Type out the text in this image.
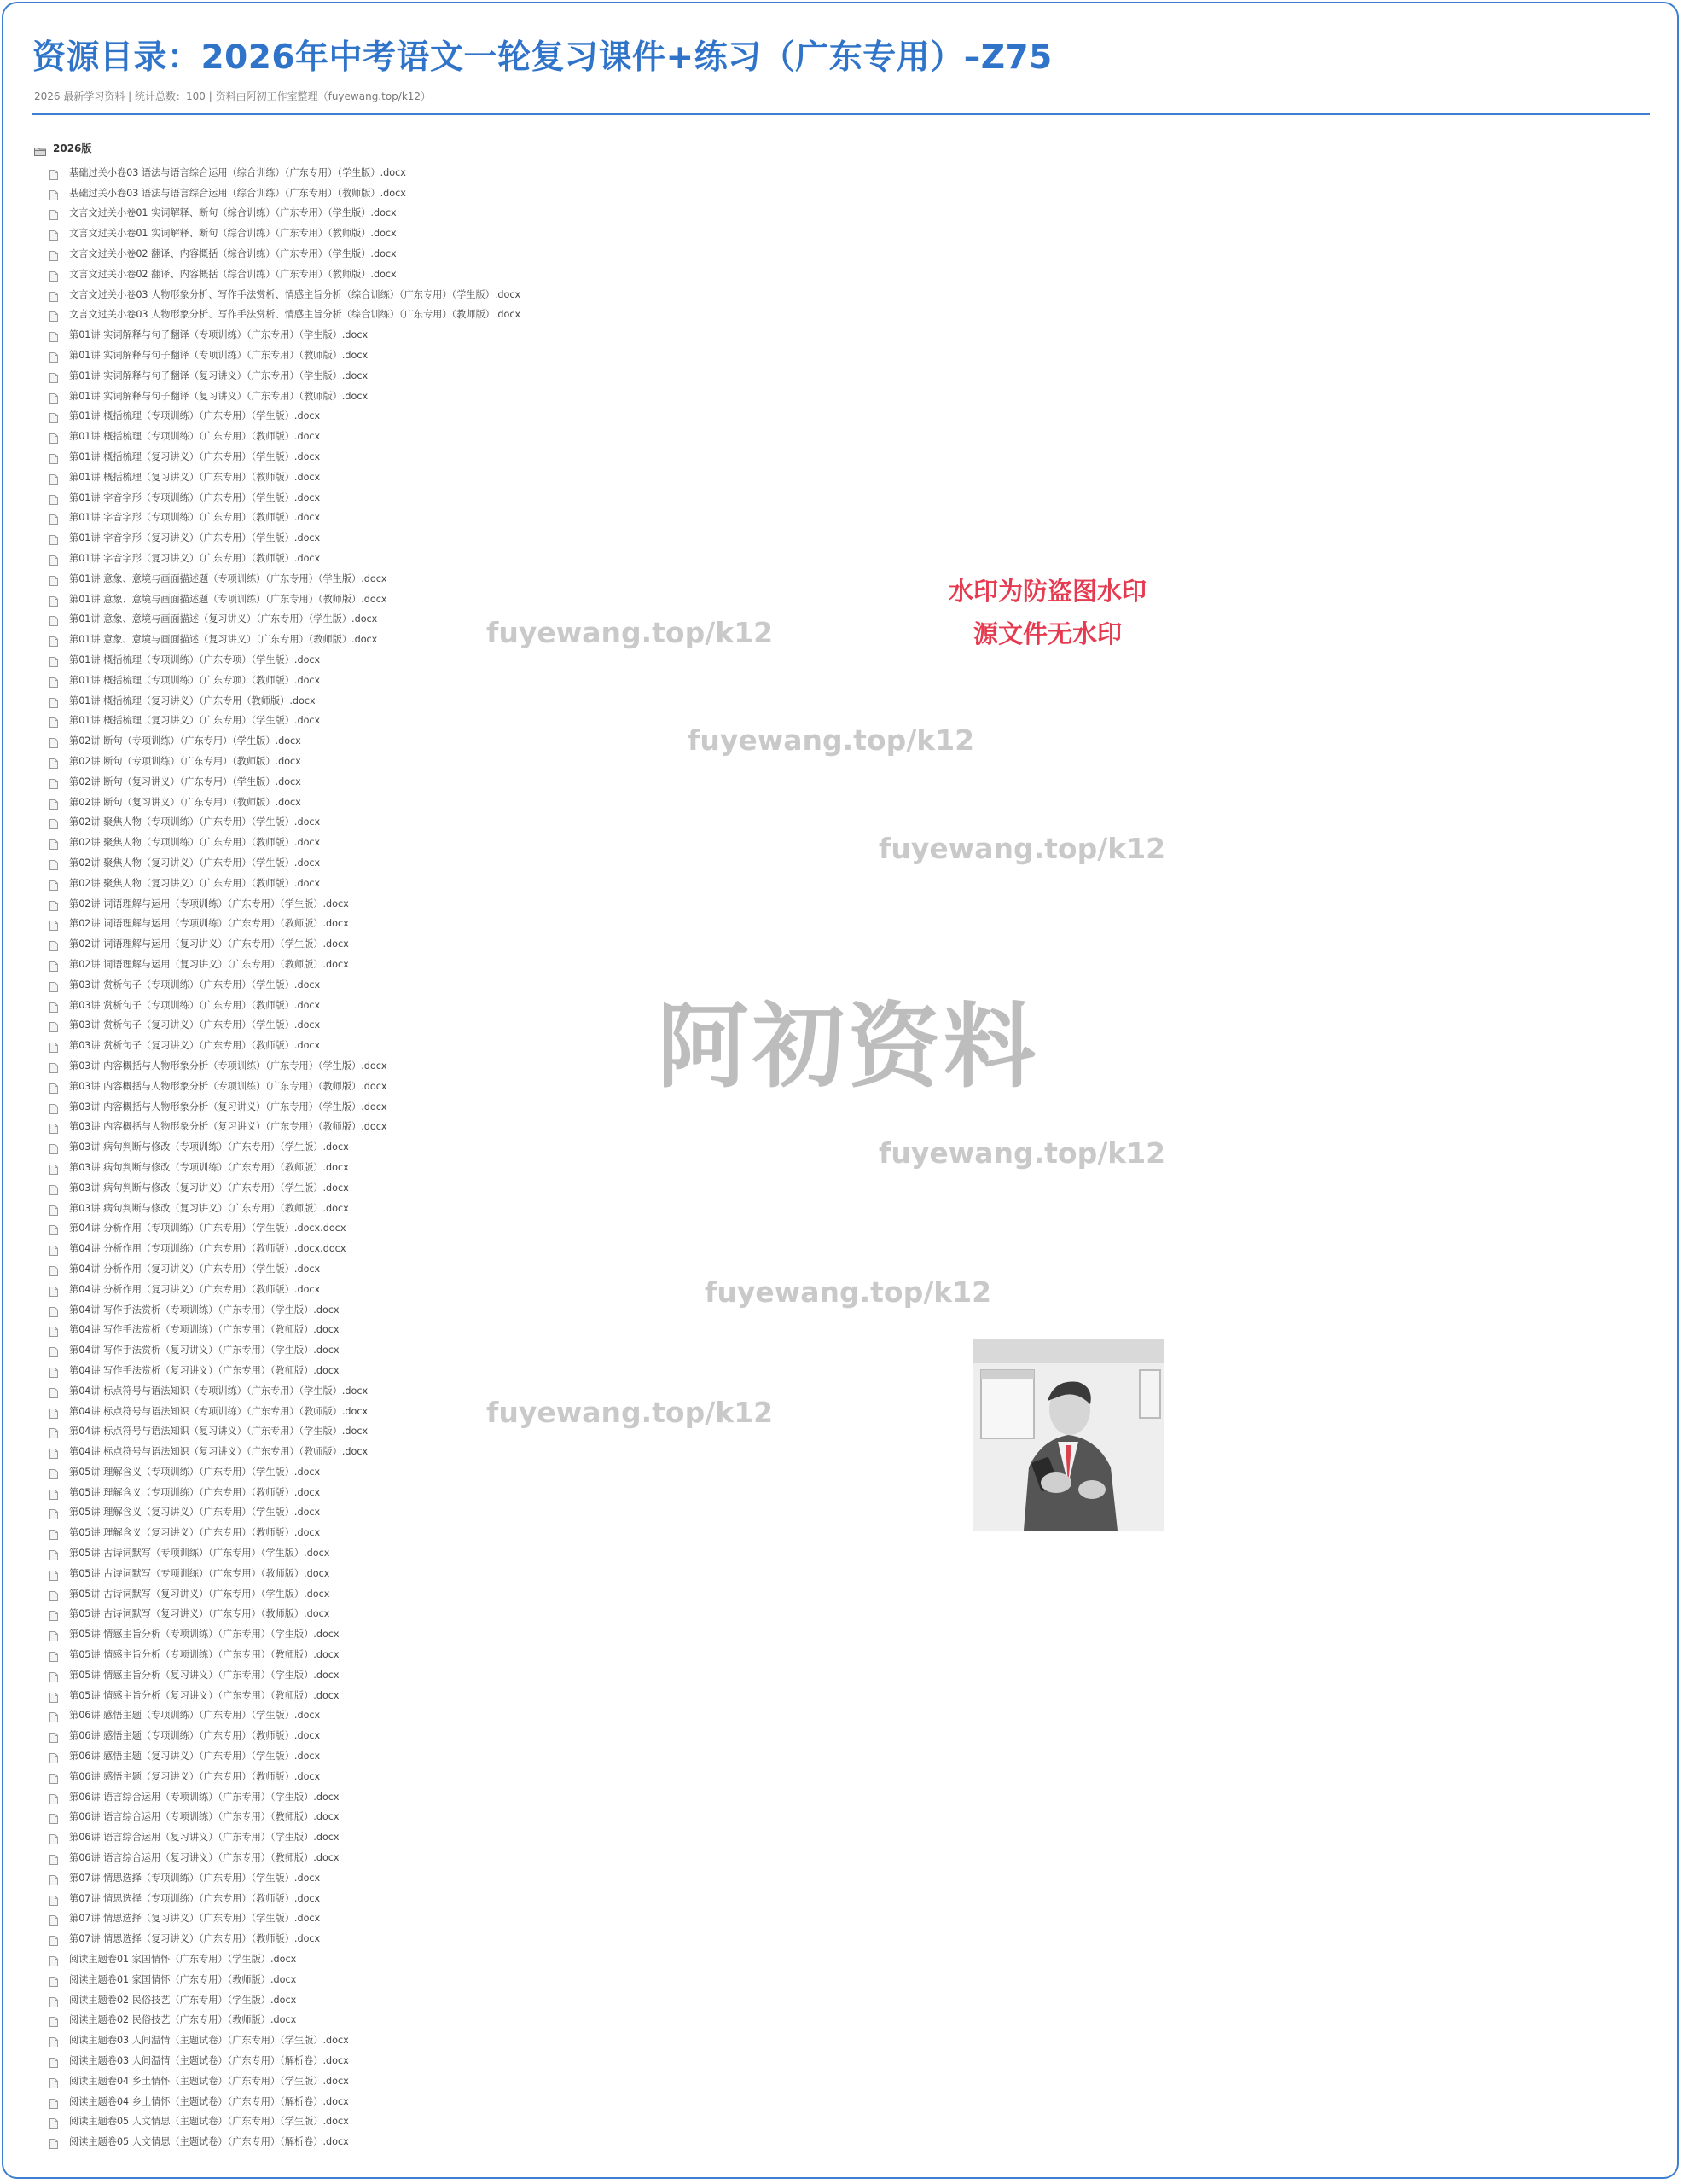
资源目录：2026年中考语文一轮复习课件+练习（广东专用）–Z75
2026 最新学习资料 | 统计总数：100 | 资料由阿初工作室整理（fuyewang.top/k12）
2026版
基础过关小卷03 语法与语言综合运用（综合训练）（广东专用）（学生版）.docx
基础过关小卷03 语法与语言综合运用（综合训练）（广东专用）（教师版）.docx
文言文过关小卷01 实词解释、断句（综合训练）（广东专用）（学生版）.docx
文言文过关小卷01 实词解释、断句（综合训练）（广东专用）（教师版）.docx
文言文过关小卷02 翻译、内容概括（综合训练）（广东专用）（学生版）.docx
文言文过关小卷02 翻译、内容概括（综合训练）（广东专用）（教师版）.docx
文言文过关小卷03 人物形象分析、写作手法赏析、情感主旨分析（综合训练）（广东专用）（学生版）.docx
文言文过关小卷03 人物形象分析、写作手法赏析、情感主旨分析（综合训练）（广东专用）（教师版）.docx
第01讲 实词解释与句子翻译（专项训练）（广东专用）（学生版）.docx
第01讲 实词解释与句子翻译（专项训练）（广东专用）（教师版）.docx
第01讲 实词解释与句子翻译（复习讲义）（广东专用）（学生版）.docx
第01讲 实词解释与句子翻译（复习讲义）（广东专用）（教师版）.docx
第01讲 概括梳理（专项训练）（广东专用）（学生版）.docx
第01讲 概括梳理（专项训练）（广东专用）（教师版）.docx
第01讲 概括梳理（复习讲义）（广东专用）（学生版）.docx
第01讲 概括梳理（复习讲义）（广东专用）（教师版）.docx
第01讲 字音字形（专项训练）（广东专用）（学生版）.docx
第01讲 字音字形（专项训练）（广东专用）（教师版）.docx
第01讲 字音字形（复习讲义）（广东专用）（学生版）.docx
第01讲 字音字形（复习讲义）（广东专用）（教师版）.docx
第01讲 意象、意境与画面描述题（专项训练）（广东专用）（学生版）.docx
第01讲 意象、意境与画面描述题（专项训练）（广东专用）（教师版）.docx
第01讲 意象、意境与画面描述（复习讲义）（广东专用）（学生版）.docx
第01讲 意象、意境与画面描述（复习讲义）（广东专用）（教师版）.docx
第01讲 概括梳理（专项训练）（广东专项）（学生版）.docx
第01讲 概括梳理（专项训练）（广东专项）（教师版）.docx
第01讲 概括梳理（复习讲义）（广东专用（教师版）.docx
第01讲 概括梳理（复习讲义）（广东专用）（学生版）.docx
第02讲 断句（专项训练）（广东专用）（学生版）.docx
第02讲 断句（专项训练）（广东专用）（教师版）.docx
第02讲 断句（复习讲义）（广东专用）（学生版）.docx
第02讲 断句（复习讲义）（广东专用）（教师版）.docx
第02讲 聚焦人物（专项训练）（广东专用）（学生版）.docx
第02讲 聚焦人物（专项训练）（广东专用）（教师版）.docx
第02讲 聚焦人物（复习讲义）（广东专用）（学生版）.docx
第02讲 聚焦人物（复习讲义）（广东专用）（教师版）.docx
第02讲 词语理解与运用（专项训练）（广东专用）（学生版）.docx
第02讲 词语理解与运用（专项训练）（广东专用）（教师版）.docx
第02讲 词语理解与运用（复习讲义）（广东专用）（学生版）.docx
第02讲 词语理解与运用（复习讲义）（广东专用）（教师版）.docx
第03讲 赏析句子（专项训练）（广东专用）（学生版）.docx
第03讲 赏析句子（专项训练）（广东专用）（教师版）.docx
第03讲 赏析句子（复习讲义）（广东专用）（学生版）.docx
第03讲 赏析句子（复习讲义）（广东专用）（教师版）.docx
第03讲 内容概括与人物形象分析（专项训练）（广东专用）（学生版）.docx
第03讲 内容概括与人物形象分析（专项训练）（广东专用）（教师版）.docx
第03讲 内容概括与人物形象分析（复习讲义）（广东专用）（学生版）.docx
第03讲 内容概括与人物形象分析（复习讲义）（广东专用）（教师版）.docx
第03讲 病句判断与修改（专项训练）（广东专用）（学生版）.docx
第03讲 病句判断与修改（专项训练）（广东专用）（教师版）.docx
第03讲 病句判断与修改（复习讲义）（广东专用）（学生版）.docx
第03讲 病句判断与修改（复习讲义）（广东专用）（教师版）.docx
第04讲 分析作用（专项训练）（广东专用）（学生版）.docx.docx
第04讲 分析作用（专项训练）（广东专用）（教师版）.docx.docx
第04讲 分析作用（复习讲义）（广东专用）（学生版）.docx
第04讲 分析作用（复习讲义）（广东专用）（教师版）.docx
第04讲 写作手法赏析（专项训练）（广东专用）（学生版）.docx
第04讲 写作手法赏析（专项训练）（广东专用）（教师版）.docx
第04讲 写作手法赏析（复习讲义）（广东专用）（学生版）.docx
第04讲 写作手法赏析（复习讲义）（广东专用）（教师版）.docx
第04讲 标点符号与语法知识（专项训练）（广东专用）（学生版）.docx
第04讲 标点符号与语法知识（专项训练）（广东专用）（教师版）.docx
第04讲 标点符号与语法知识（复习讲义）（广东专用）（学生版）.docx
第04讲 标点符号与语法知识（复习讲义）（广东专用）（教师版）.docx
第05讲 理解含义（专项训练）（广东专用）（学生版）.docx
第05讲 理解含义（专项训练）（广东专用）（教师版）.docx
第05讲 理解含义（复习讲义）（广东专用）（学生版）.docx
第05讲 理解含义（复习讲义）（广东专用）（教师版）.docx
第05讲 古诗词默写（专项训练）（广东专用）（学生版）.docx
第05讲 古诗词默写（专项训练）（广东专用）（教师版）.docx
第05讲 古诗词默写（复习讲义）（广东专用）（学生版）.docx
第05讲 古诗词默写（复习讲义）（广东专用）（教师版）.docx
第05讲 情感主旨分析（专项训练）（广东专用）（学生版）.docx
第05讲 情感主旨分析（专项训练）（广东专用）（教师版）.docx
第05讲 情感主旨分析（复习讲义）（广东专用）（学生版）.docx
第05讲 情感主旨分析（复习讲义）（广东专用）（教师版）.docx
第06讲 感悟主题（专项训练）（广东专用）（学生版）.docx
第06讲 感悟主题（专项训练）（广东专用）（教师版）.docx
第06讲 感悟主题（复习讲义）（广东专用）（学生版）.docx
第06讲 感悟主题（复习讲义）（广东专用）（教师版）.docx
第06讲 语言综合运用（专项训练）（广东专用）（学生版）.docx
第06讲 语言综合运用（专项训练）（广东专用）（教师版）.docx
第06讲 语言综合运用（复习讲义）（广东专用）（学生版）.docx
第06讲 语言综合运用（复习讲义）（广东专用）（教师版）.docx
第07讲 情思选择（专项训练）（广东专用）（学生版）.docx
第07讲 情思选择（专项训练）（广东专用）（教师版）.docx
第07讲 情思选择（复习讲义）（广东专用）（学生版）.docx
第07讲 情思选择（复习讲义）（广东专用）（教师版）.docx
阅读主题卷01 家国情怀（广东专用）（学生版）.docx
阅读主题卷01 家国情怀（广东专用）（教师版）.docx
阅读主题卷02 民俗技艺（广东专用）（学生版）.docx
阅读主题卷02 民俗技艺（广东专用）（教师版）.docx
阅读主题卷03 人间温情（主题试卷）（广东专用）（学生版）.docx
阅读主题卷03 人间温情（主题试卷）（广东专用）（解析卷）.docx
阅读主题卷04 乡土情怀（主题试卷）（广东专用）（学生版）.docx
阅读主题卷04 乡土情怀（主题试卷）（广东专用）（解析卷）.docx
阅读主题卷05 人文情思（主题试卷）（广东专用）（学生版）.docx
阅读主题卷05 人文情思（主题试卷）（广东专用）（解析卷）.docx
fuyewang.top/k12
fuyewang.top/k12
fuyewang.top/k12
fuyewang.top/k12
fuyewang.top/k12
fuyewang.top/k12
阿初资料
水印为防盗图水印
源文件无水印
